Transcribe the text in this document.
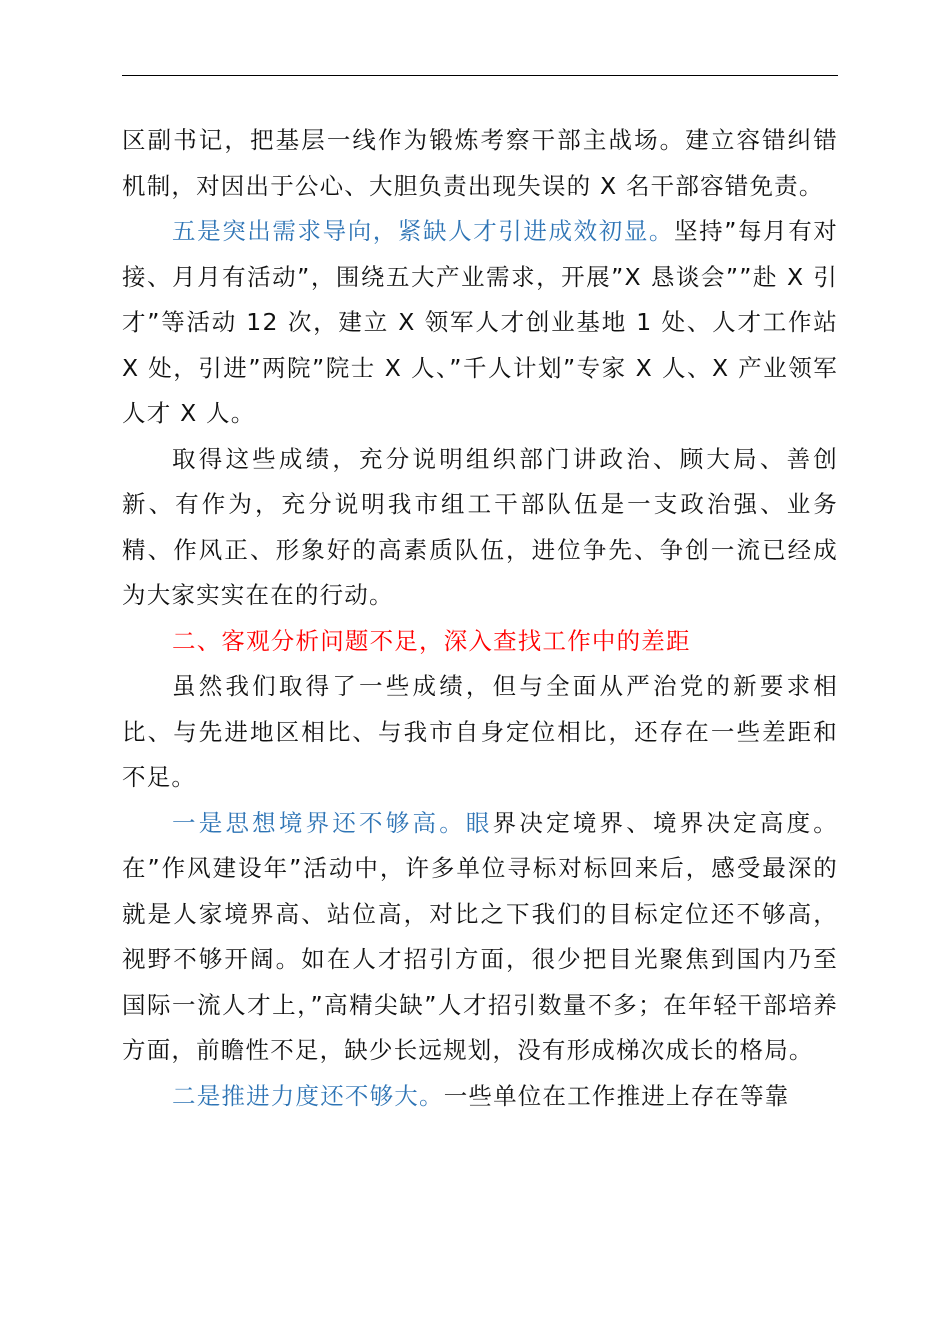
区副书记，把基层一线作为锻炼考察干部主战场。建立容错纠错机制，对因出于公心、大胆负责出现失误的 X 名干部容错免责。

五是突出需求导向，紧缺人才引进成效初显。坚持”每月有对接、月月有活动”，围绕五大产业需求，开展”X 恳谈会””赴 X 引才”等活动 12 次，建立 X 领军人才创业基地 1 处、人才工作站 X 处，引进”两院”院士 X 人、”千人计划”专家 X 人、X 产业领军人才 X 人。

取得这些成绩，充分说明组织部门讲政治、顾大局、善创新、有作为，充分说明我市组工干部队伍是一支政治强、业务精、作风正、形象好的高素质队伍，进位争先、争创一流已经成为大家实实在在的行动。

二、客观分析问题不足，深入查找工作中的差距

虽然我们取得了一些成绩，但与全面从严治党的新要求相比、与先进地区相比、与我市自身定位相比，还存在一些差距和不足。

一是思想境界还不够高。眼界决定境界、境界决定高度。在”作风建设年”活动中，许多单位寻标对标回来后，感受最深的就是人家境界高、站位高，对比之下我们的目标定位还不够高，视野不够开阔。如在人才招引方面，很少把目光聚焦到国内乃至国际一流人才上，”高精尖缺”人才招引数量不多；在年轻干部培养方面，前瞻性不足，缺少长远规划，没有形成梯次成长的格局。

二是推进力度还不够大。一些单位在工作推进上存在等靠
